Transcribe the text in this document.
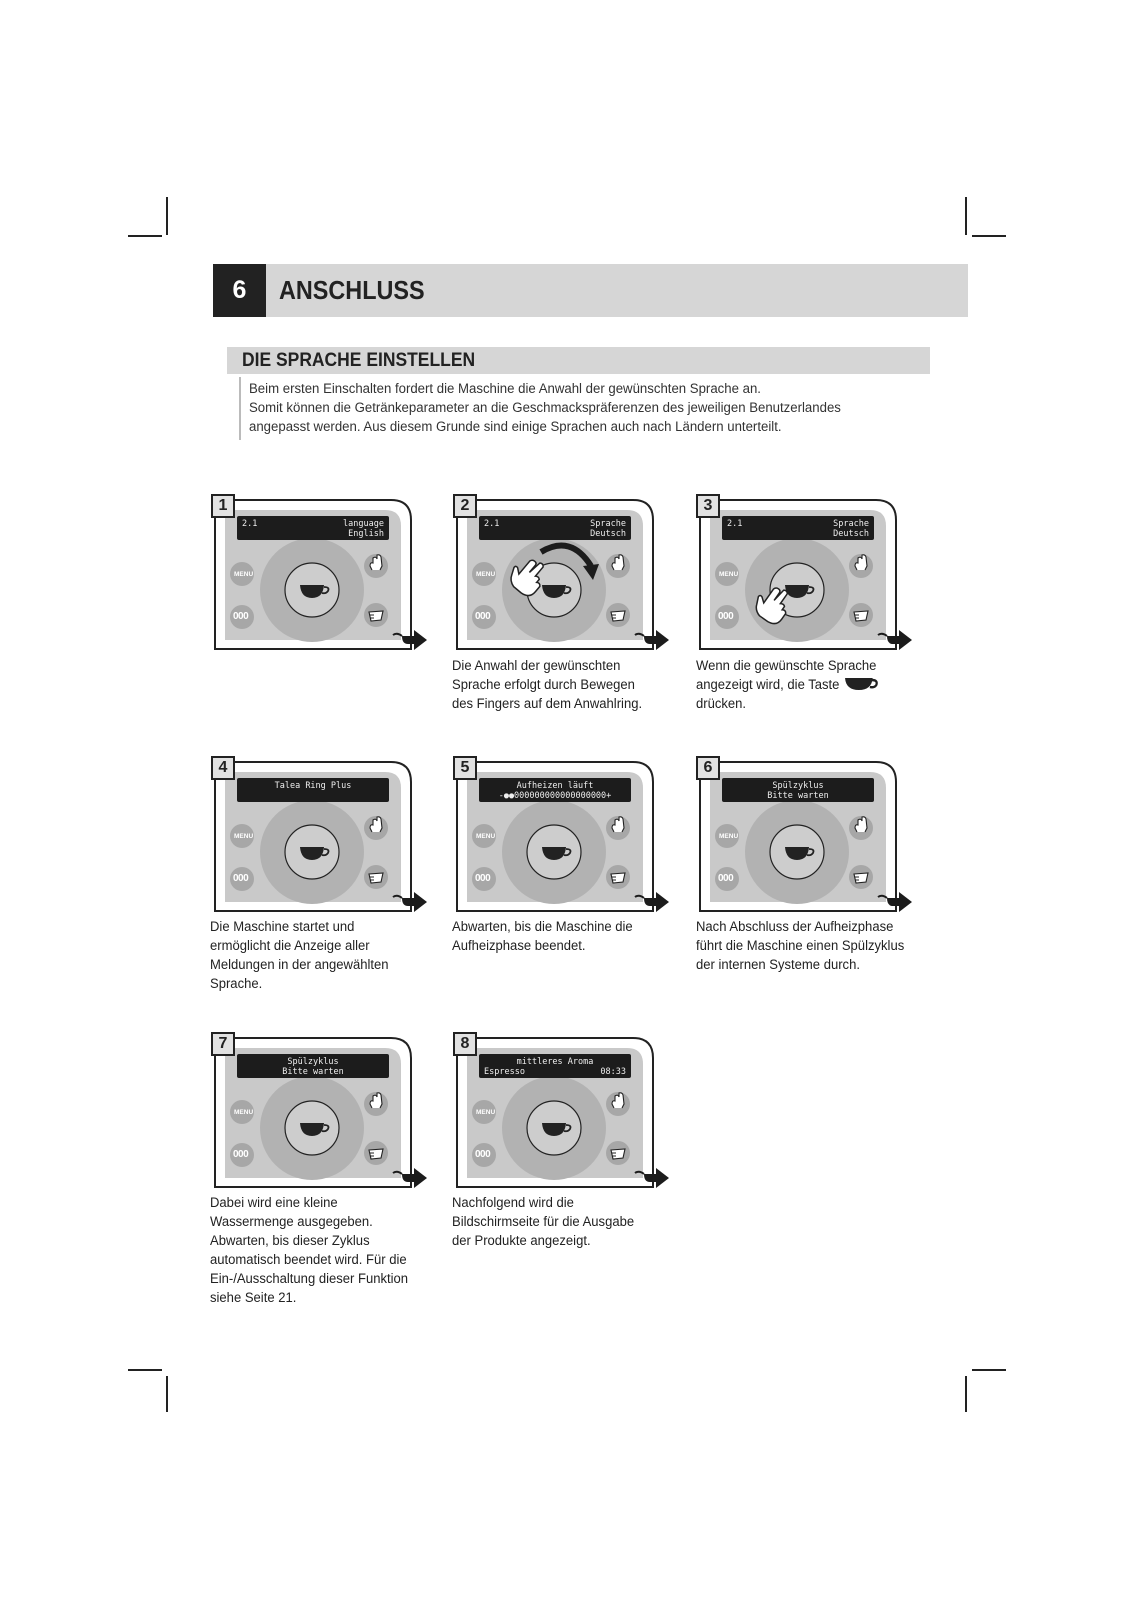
6	ANSCHLUSS
DIE SPRACHE EINSTELLEN
Beim ersten Einschalten fordert die Maschine die Anwahl der gewünschten Sprache an.
Somit können die Getränkeparameter an die Geschmackspräferenzen des jeweiligen Benutzerlandes
angepasst werden. Aus diesem Grunde sind einige Sprachen auch nach Ländern unterteilt.
1
2.1	language
English
MENU
000
2
2.1	Sprache
Deutsch
MENU
000
3
2.1	Sprache
Deutsch
MENU
000
4
Talea Ring Plus
MENU
000
5
Aufheizen läuft
-●●000000000000000000+
MENU
000
6
Spülzyklus
Bitte warten
MENU
000
7
Spülzyklus
Bitte warten
MENU
000
8
mittleres Aroma
Espresso	08:33
MENU
000
Die Anwahl der gewünschten
Sprache erfolgt durch Bewegen
des Fingers auf dem Anwahlring.
Wenn die gewünschte Sprache
angezeigt wird, die Taste
drücken.
Die Maschine startet und
ermöglicht die Anzeige aller
Meldungen in der angewählten
Sprache.
Abwarten, bis die Maschine die
Aufheizphase beendet.
Nach Abschluss der Aufheizphase
führt die Maschine einen Spülzyklus
der internen Systeme durch.
Dabei wird eine kleine
Wassermenge ausgegeben.
Abwarten, bis dieser Zyklus
automatisch beendet wird. Für die
Ein-/Ausschaltung dieser Funktion
siehe Seite 21.
Nachfolgend wird die
Bildschirmseite für die Ausgabe
der Produkte angezeigt.
